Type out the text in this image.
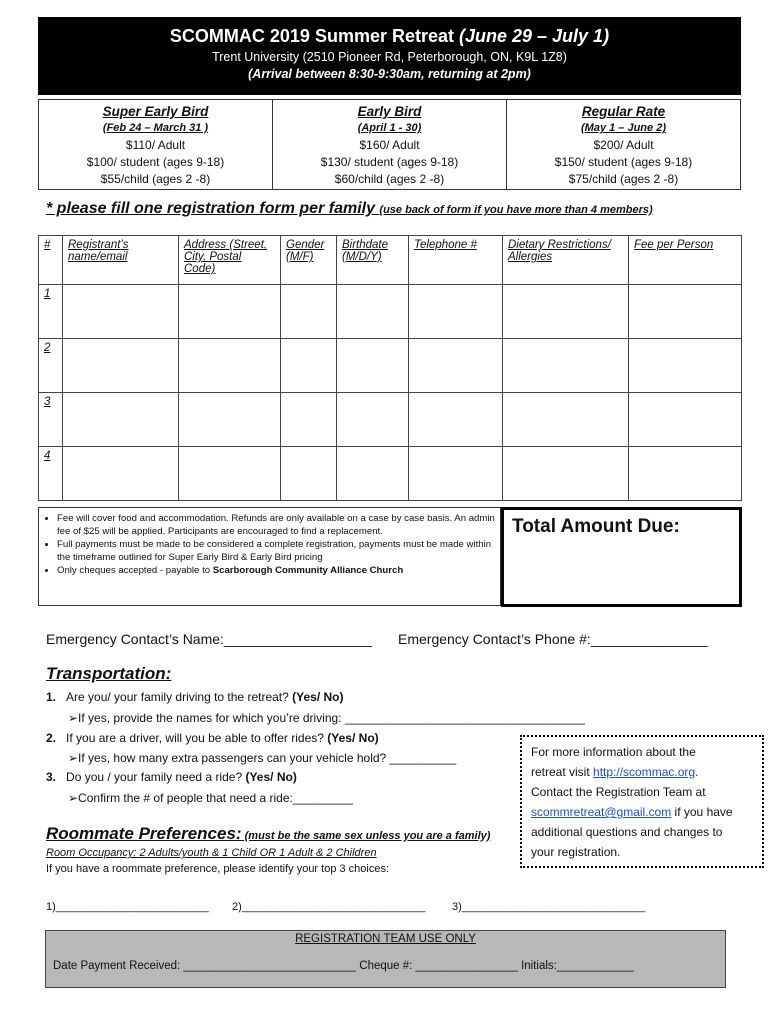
SCOMMAC 2019 Summer Retreat (June 29 – July 1)
Trent University (2510 Pioneer Rd, Peterborough, ON, K9L 1Z8)
(Arrival between 8:30-9:30am, returning at 2pm)
Super Early Bird
(Feb 24 – March 31 )
$110/ Adult
$100/ student (ages 9-18)
$55/child (ages 2 -8)
Early Bird
(April 1 - 30)
$160/ Adult
$130/ student (ages 9-18)
$60/child (ages 2 -8)
Regular Rate
(May 1 – June 2)
$200/ Adult
$150/ student (ages 9-18)
$75/child (ages 2 -8)
* please fill one registration form per family (use back of form if you have more than 4 members)
#	Registrant’s name/email	Address (Street, City, Postal Code)	Gender (M/F)	Birthdate (M/D/Y)	Telephone #	Dietary Restrictions/ Allergies	Fee per Person
1							
2							
3							
4							
• Fee will cover food and accommodation. Refunds are only available on a case by case basis. An admin fee of $25 will be applied. Participants are encouraged to find a replacement.
• Full payments must be made to be considered a complete registration, payments must be made within the timeframe outlined for Super Early Bird & Early Bird pricing
• Only cheques accepted - payable to Scarborough Community Alliance Church
Total Amount Due:
Emergency Contact’s Name:___________________ Emergency Contact’s Phone #:_______________
Transportation:
1. Are you/ your family driving to the retreat? (Yes/ No)
➢If yes, provide the names for which you’re driving: ____________________________________
2. If you are a driver, will you be able to offer rides? (Yes/ No)
➢If yes, how many extra passengers can your vehicle hold? __________
3. Do you / your family need a ride? (Yes/ No)
➢Confirm the # of people that need a ride:_________
For more information about the
retreat visit http://scommac.org.
Contact the Registration Team at
scommretreat@gmail.com if you have
additional questions and changes to
your registration.
Roommate Preferences: (must be the same sex unless you are a family)
Room Occupancy: 2 Adults/youth & 1 Child OR 1 Adult & 2 Children
If you have a roommate preference, please identify your top 3 choices:
1)_________________________ 2)______________________________ 3)______________________________
REGISTRATION TEAM USE ONLY
Date Payment Received: ___________________________ Cheque #: ________________ Initials:____________
